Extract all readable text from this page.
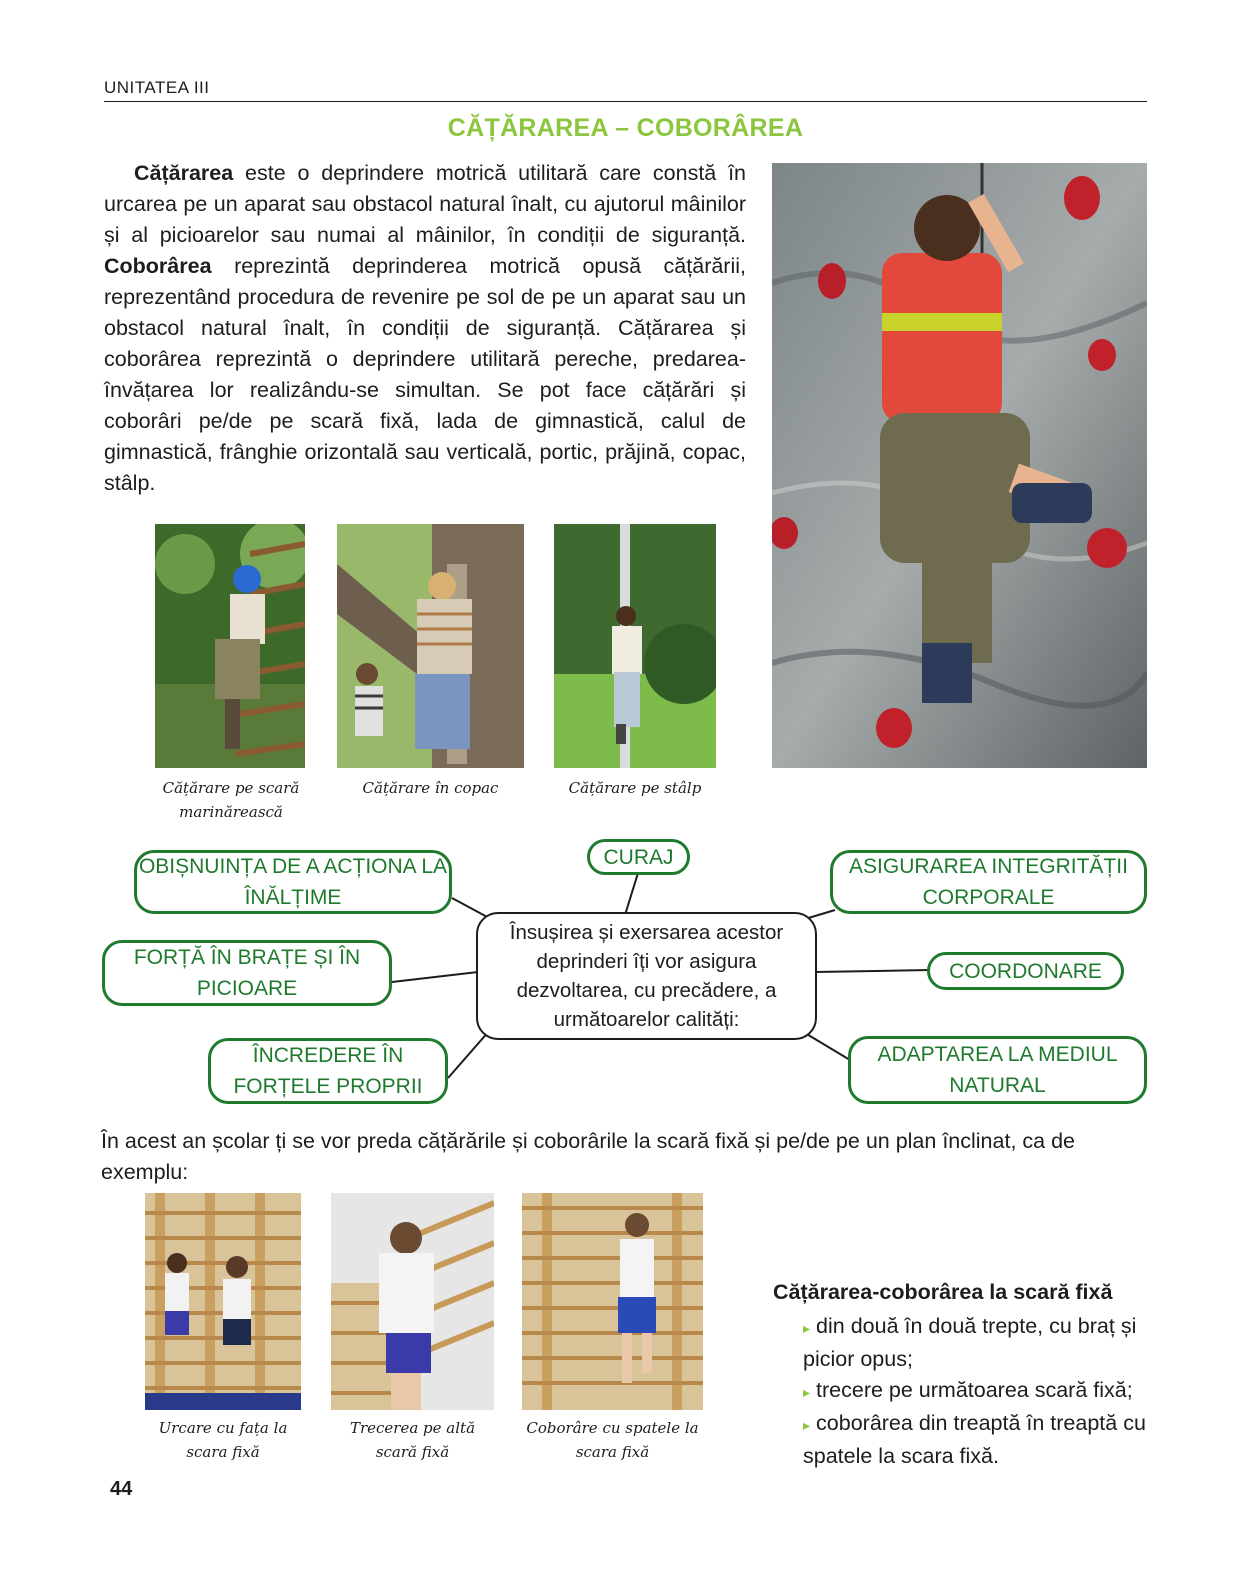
UNITATEA III
CĂȚĂRAREA – COBORÂREA
Cățărarea este o deprindere motrică utilitară care constă în urcarea pe un aparat sau obstacol natural înalt, cu ajutorul mâinilor și al picioarelor sau numai al mâinilor, în condiții de siguranță. Coborârea reprezintă deprinderea motrică opusă cățărării, reprezentând procedura de revenire pe sol de pe un aparat sau un obstacol natural înalt, în condiții de siguranță. Cățărarea și coborârea reprezintă o deprindere utilitară pereche, predarea-învățarea lor realizându-se simultan. Se pot face cățărări și coborâri pe/de pe scară fixă, lada de gimnastică, calul de gimnastică, frânghie orizontală sau verticală, portic, prăjină, copac, stâlp.
Cățărare pe scară marinărească
Cățărare în copac	Cățărare pe stâlp
OBIȘNUINȚA DE A ACȚIONA LA ÎNĂLȚIME
CURAJ	ASIGURAREA INTEGRITĂȚII CORPORALE
FORȚĂ ÎN BRAȚE ȘI ÎN PICIOARE
COORDONARE
ÎNCREDERE ÎN FORȚELE PROPRII
ADAPTAREA LA MEDIUL NATURAL
Însușirea și exersarea acestor deprinderi îți vor asigura dezvoltarea, cu precădere, a următoarelor calități:
În acest an școlar ți se vor preda cățărările și coborârile la scară fixă și pe/de pe un plan înclinat, ca de exemplu:
Urcare cu fața la scara fixă
Trecerea pe altă scară fixă
Coborâre cu spatele la scara fixă
Cățărarea-coborârea la scară fixă
▸ din două în două trepte, cu braț și picior opus;
▸ trecere pe următoarea scară fixă;
▸ coborârea din treaptă în treaptă cu spatele la scara fixă.
44
